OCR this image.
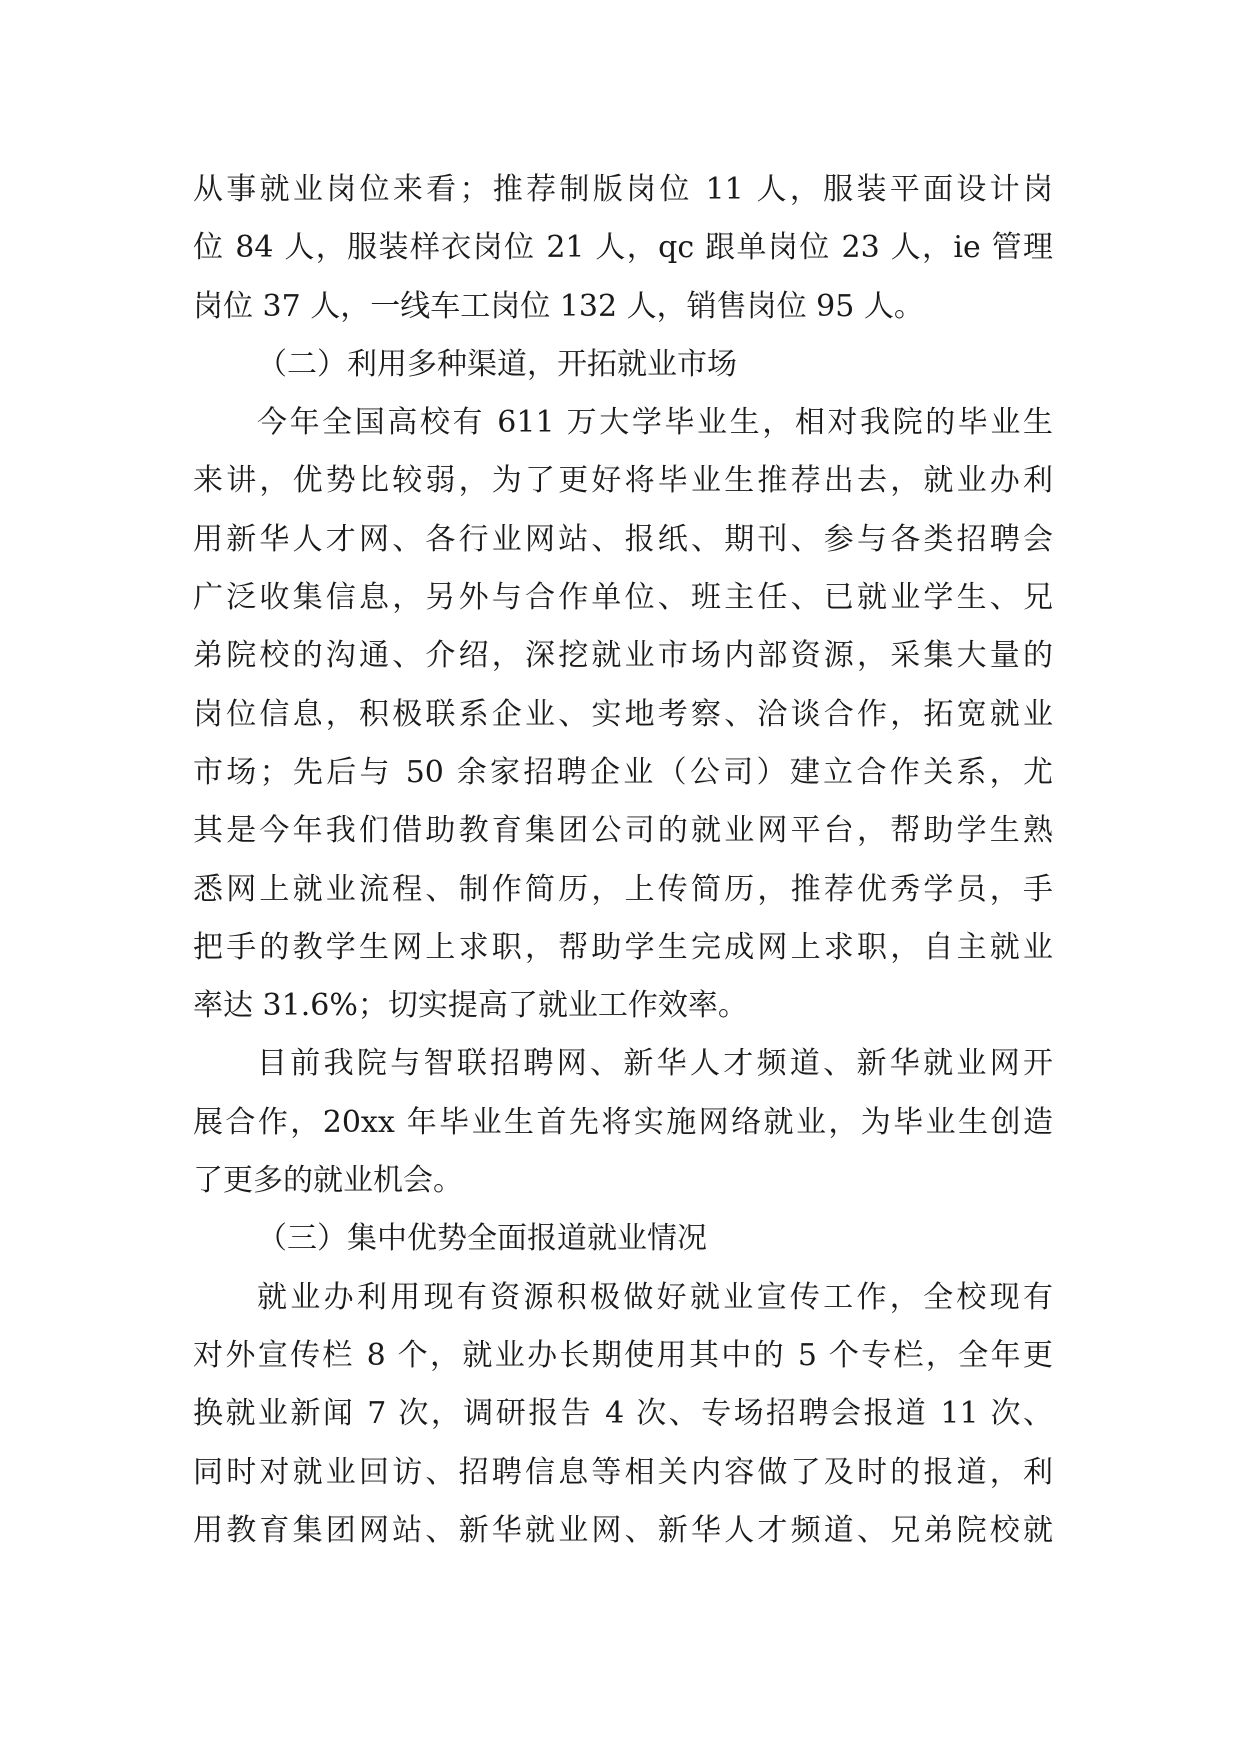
从事就业岗位来看；推荐制版岗位 11 人，服装平面设计岗
位 84 人，服装样衣岗位 21 人，qc 跟单岗位 23 人，ie 管理
岗位 37 人，一线车工岗位 132 人，销售岗位 95 人。
（二）利用多种渠道，开拓就业市场
今年全国高校有 611 万大学毕业生，相对我院的毕业生
来讲，优势比较弱，为了更好将毕业生推荐出去，就业办利
用新华人才网、各行业网站、报纸、期刊、参与各类招聘会
广泛收集信息，另外与合作单位、班主任、已就业学生、兄
弟院校的沟通、介绍，深挖就业市场内部资源，采集大量的
岗位信息，积极联系企业、实地考察、洽谈合作，拓宽就业
市场；先后与 50 余家招聘企业（公司）建立合作关系，尤
其是今年我们借助教育集团公司的就业网平台，帮助学生熟
悉网上就业流程、制作简历，上传简历，推荐优秀学员，手
把手的教学生网上求职，帮助学生完成网上求职，自主就业
率达 31.6%；切实提高了就业工作效率。
目前我院与智联招聘网、新华人才频道、新华就业网开
展合作，20xx 年毕业生首先将实施网络就业，为毕业生创造
了更多的就业机会。
（三）集中优势全面报道就业情况
就业办利用现有资源积极做好就业宣传工作，全校现有
对外宣传栏 8 个，就业办长期使用其中的 5 个专栏，全年更
换就业新闻 7 次，调研报告 4 次、专场招聘会报道 11 次、
同时对就业回访、招聘信息等相关内容做了及时的报道，利
用教育集团网站、新华就业网、新华人才频道、兄弟院校就
